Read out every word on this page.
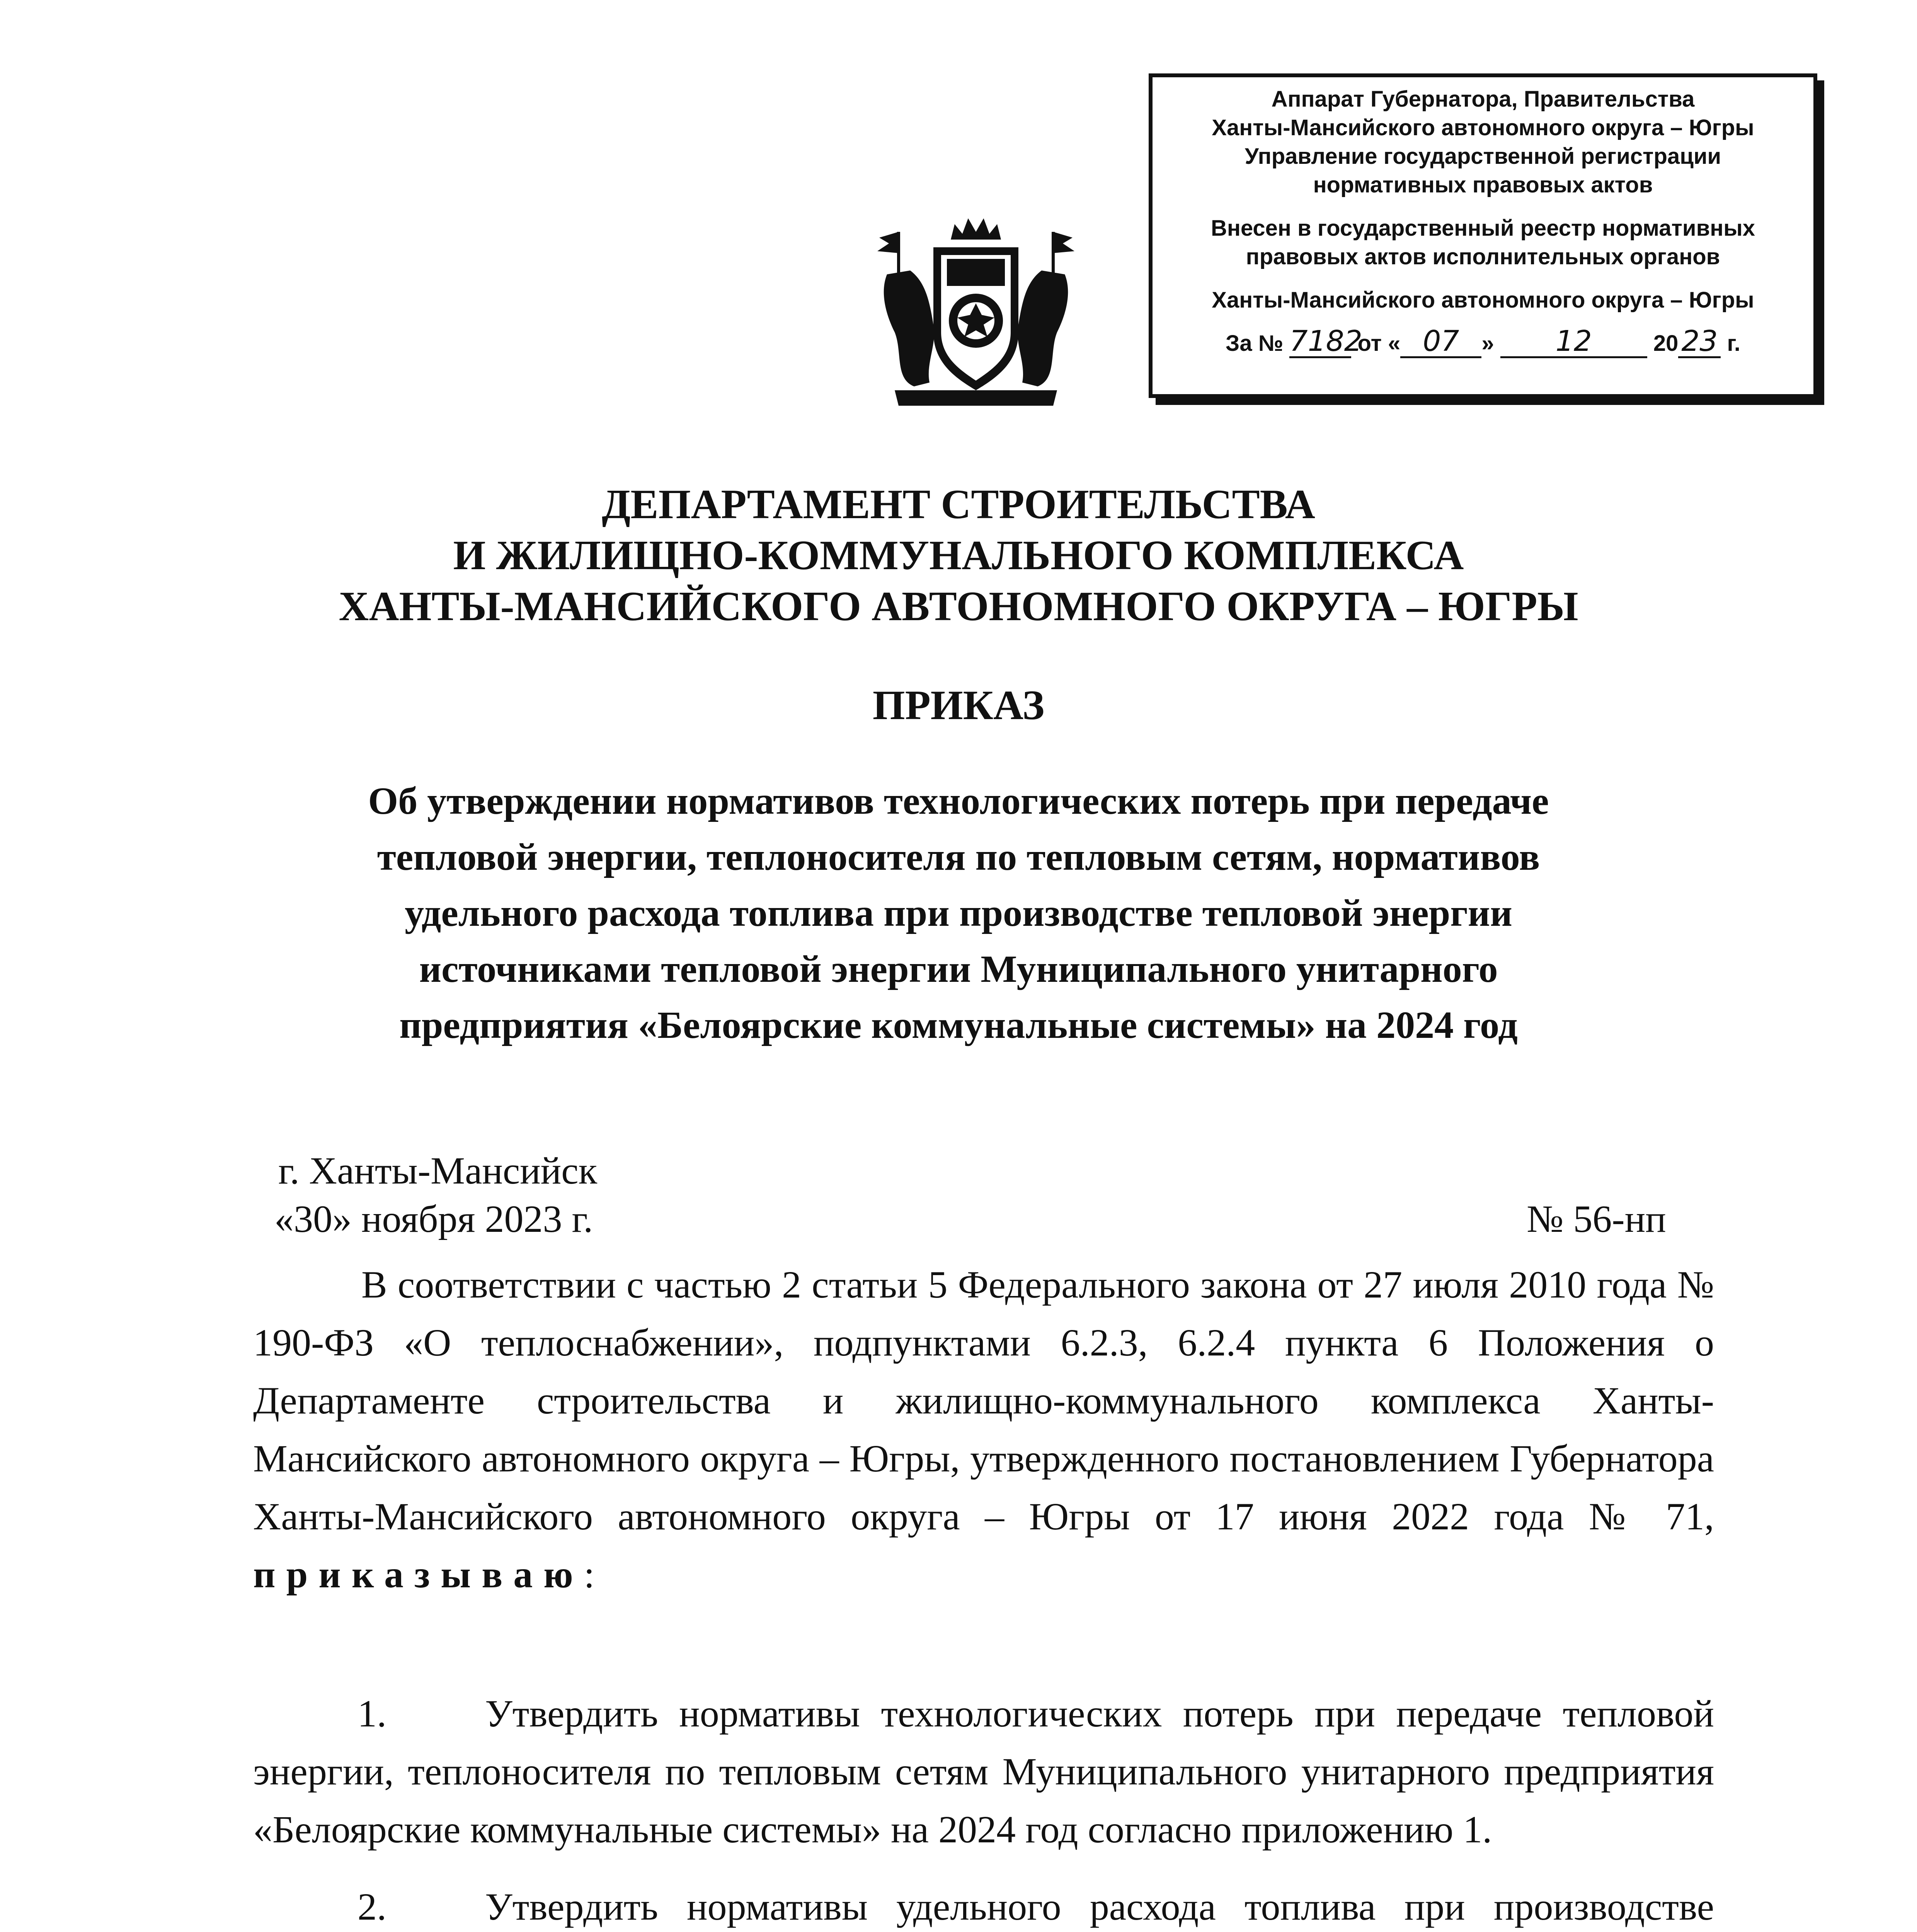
Аппарат Губернатора, Правительства
Ханты-Мансийского автономного округа – Югры
Управление государственной регистрации
нормативных правовых актов
Внесен в государственный реестр нормативных
правовых актов исполнительных органов
Ханты-Мансийского автономного округа – Югры
За № 7182 от « 07 » 12	20 23 г.
ДЕПАРТАМЕНТ СТРОИТЕЛЬСТВА
И ЖИЛИЩНО-КОММУНАЛЬНОГО КОМПЛЕКСА
ХАНТЫ-МАНСИЙСКОГО АВТОНОМНОГО ОКРУГА – ЮГРЫ
ПРИКАЗ
Об утверждении нормативов технологических потерь при передаче
тепловой энергии, теплоносителя по тепловым сетям, нормативов
удельного расхода топлива при производстве тепловой энергии
источниками тепловой энергии Муниципального унитарного
предприятия «Белоярские коммунальные системы» на 2024 год
г. Ханты-Мансийск
«30» ноября 2023 г.	№ 56-нп
В соответствии с частью 2 статьи 5 Федерального закона от 27 июля 2010 года № 190-ФЗ «О теплоснабжении», подпунктами 6.2.3, 6.2.4 пункта 6 Положения о Департаменте строительства и жилищно-коммунального комплекса Ханты-Мансийского автономного округа – Югры, утвержденного постановлением Губернатора Ханты-Мансийского автономного округа – Югры от 17 июня 2022 года № 71, приказываю:
1.	Утвердить нормативы технологических потерь при передаче тепловой энергии, теплоносителя по тепловым сетям Муниципального унитарного предприятия «Белоярские коммунальные системы» на 2024 год согласно приложению 1.
2.	Утвердить нормативы удельного расхода топлива при производстве
